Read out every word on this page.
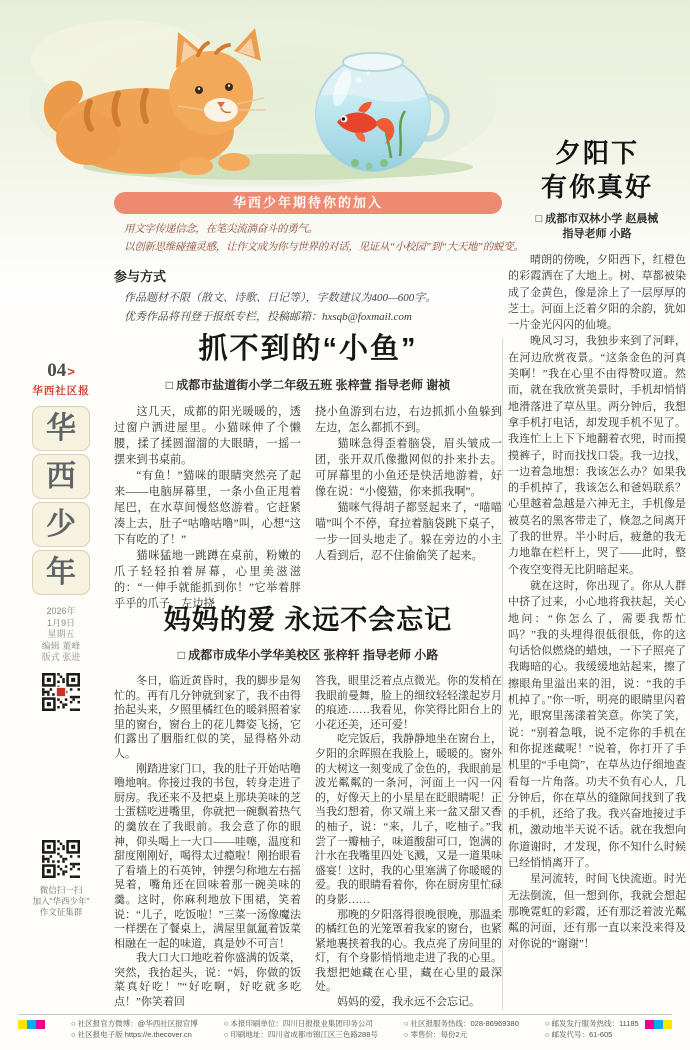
04>
华西社区报
华
西
少
年
2026年
1月9日
星期五
编辑 董峰
版式 张进
微信扫一扫
加入“华西少年”
作文征集群
华西少年期待你的加入
用文字传递信念，在笔尖流淌奋斗的勇气。
以创新思维碰撞灵感，让作文成为你与世界的对话，见证从“小校园”到“大天地”的蜕变。
参与方式
作品题材不限（散文、诗歌、日记等），字数建议为400—600字。
优秀作品将刊登于报纸专栏，投稿邮箱：hxsqb@foxmail.com
抓不到的“小鱼”
□ 成都市盐道街小学二年级五班 张梓萱 指导老师 谢祯

这几天，成都的阳光暖暖的，透过窗户洒进屋里。小猫咪伸了个懒腰，揉了揉圆溜溜的大眼睛，一摇一摆来到书桌前。

“有鱼！”猫咪的眼睛突然亮了起来——电脑屏幕里，一条小鱼正甩着尾巴，在水草间慢悠悠游着。它赶紧凑上去，肚子“咕噜咕噜”叫，心想“这下有吃的了！”

猫咪猛地一跳蹲在桌前，粉嫩的爪子轻轻拍着屏幕，心里美滋滋的：“一伸手就能抓到你！”它举着胖乎乎的爪子，左边挠

挠小鱼游到右边，右边抓抓小鱼躲到左边，怎么都抓不到。

猫咪急得歪着脑袋，眉头皱成一团，张开双爪像撒网似的扑来扑去。可屏幕里的小鱼还是快活地游着，好像在说：“小傻猫，你来抓我啊”。

猫咪气得胡子都竖起来了，“喵喵喵”叫个不停，耷拉着脑袋跳下桌子，一步一回头地走了。躲在旁边的小主人看到后，忍不住偷偷笑了起来。

妈妈的爱 永远不会忘记
□ 成都市成华小学华美校区 张梓轩 指导老师 小路

冬日，临近黄昏时，我的脚步是匆忙的。再有几分钟就到家了，我不由得抬起头来，夕照里橘红色的暖斜照着家里的窗台，窗台上的花儿舞姿飞扬，它们露出了胭脂红似的笑，显得格外动人。

刚踏进家门口，我的肚子开始咕噜噜地响。你接过我的书包，转身走进了厨房。我还来不及把桌上那块美味的芝士蛋糕吃进嘴里，你就把一碗飘着热气的羹放在了我眼前。我会意了你的眼神，仰头喝上一大口——哇噻，温度和甜度刚刚好，喝得太过瘾啦！刚抬眼看了看墙上的石英钟，钟摆匀称地左右摇晃着，嘴角还在回味着那一碗美味的羹。这时，你麻利地放下围裙，笑着说：“儿子，吃饭啦！”三菜一汤像魔法一样摆在了餐桌上，满屋里氤氲着饭菜相融在一起的味道，真是妙不可言！

我大口大口地吃着你盛满的饭菜，突然，我抬起头，说：“妈，你做的饭菜真好吃！”“好吃啊，好吃就多吃点！”你笑着回

答我，眼里泛着点点微光。你的发梢在我眼前曼舞，脸上的细纹轻轻漾起岁月的痕迹……我看见，你笑得比阳台上的小花还美，还可爱！

吃完饭后，我静静地坐在窗台上，夕阳的余晖照在我脸上，暖暖的。窗外的大树这一刻变成了金色的，我眼前是波光粼粼的一条河，河面上一闪一闪的，好像天上的小星星在眨眼睛呢！正当我幻想着，你又端上来一盆又甜又香的柚子，说：“来，儿子，吃柚子。”我尝了一瓣柚子，味道酸甜可口，饱满的汁水在我嘴里四处飞溅，又是一道果味盛宴！这时，我的心里塞满了你暖暖的爱。我的眼睛看着你，你在厨房里忙碌的身影……

那晚的夕阳落得很晚很晚，那温柔的橘红色的光笼罩着我家的窗台，也紧紧地裹挟着我的心。我点亮了房间里的灯，有个身影悄悄地走进了我的心里。我想把她藏在心里，藏在心里的最深处。

妈妈的爱，我永远不会忘记。

夕阳下
有你真好
□ 成都市双林小学 赵晨械
指导老师 小路

晴朗的傍晚，夕阳西下，红橙色的彩霞洒在了大地上。树、草都被染成了金黄色，像是涂上了一层厚厚的芝士。河面上泛着夕阳的余韵，犹如一片金光闪闪的仙境。

晚风习习，我独步来到了河畔，在河边欣赏夜景。“这条金色的河真美啊！”我在心里不由得赞叹道。然而，就在我欣赏美景时，手机却悄悄地滑落进了草丛里。两分钟后，我想拿手机打电话，却发现手机不见了。我连忙上上下下地翻着衣兜，时而摸摸裤子，时而找找口袋。我一边找，一边着急地想：我该怎么办？如果我的手机掉了，我该怎么和爸妈联系？心里越着急越是六神无主，手机像是被莫名的黑客带走了，倏忽之间离开了我的世界。半小时后，疲惫的我无力地靠在栏杆上，哭了——此时，整个夜空变得无比阴暗起来。

就在这时，你出现了。你从人群中挤了过来，小心地将我扶起，关心地问：“你怎么了，需要我帮忙吗？”我的头埋得很低很低，你的这句话恰似燃烧的蜡烛，一下子照亮了我晦暗的心。我缓缓地站起来，擦了擦眼角里溢出来的泪，说：“我的手机掉了。”你一听，明亮的眼睛里闪着光，眼窝里荡漾着笑意。你笑了笑，说：“别着急哦，说不定你的手机在和你捉迷藏呢！”说着，你打开了手机里的“手电筒”，在草丛边仔细地查看每一片角落。功夫不负有心人，几分钟后，你在草丛的缝隙间找到了我的手机，还给了我。我兴奋地接过手机，激动地半天说不话。就在我想向你道谢时，才发现，你不知什么时候已经悄悄离开了。

星河流转，时间飞快流逝。时光无法倒流，但一想到你，我就会想起那晚霓虹的彩霞，还有那泛着波光粼粼的河面，还有那一直以来没来得及对你说的“谢谢”！

○ 社区报官方微博：@华西社区报官博
○ 社区报电子版 https://e.thecover.cn
○ 本报印刷单位：四川日报报业集团印务公司
○ 印刷地址：四川省成都市锦江区三色路288号
○ 社区报服务热线：028-86969380
○ 零售价：每份2元
○ 邮发发行服务热线：11185
○ 邮发代号：61-605
